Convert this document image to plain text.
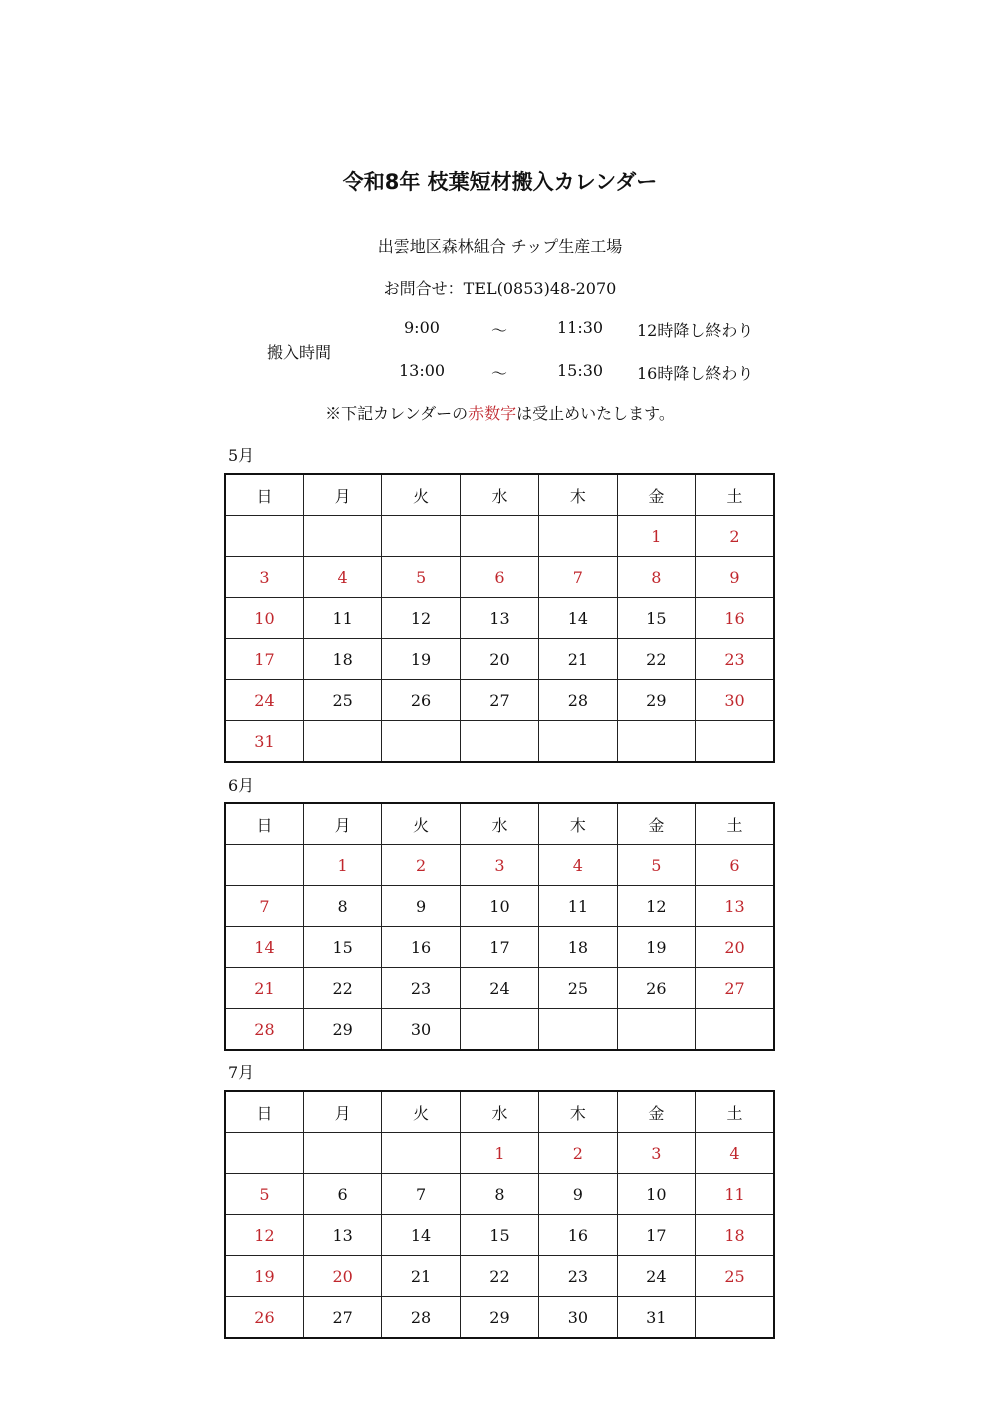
令和8年 枝葉短材搬入カレンダー
出雲地区森林組合 チップ生産工場
お問合せ：TEL(0853)48-2070
搬入時間
9:00	～	11:30 12時降し終わり
13:00	～	15:30 16時降し終わり
※下記カレンダーの赤数字は受止めいたします。
5月
日	月	火	水	木	金	土
					1	2
3	4	5	6	7	8	9
10	11	12	13	14	15	16
17	18	19	20	21	22	23
24	25	26	27	28	29	30
31						
6月
日	月	火	水	木	金	土
	1	2	3	4	5	6
7	8	9	10	11	12	13
14	15	16	17	18	19	20
21	22	23	24	25	26	27
28	29	30				
7月
日	月	火	水	木	金	土
			1	2	3	4
5	6	7	8	9	10	11
12	13	14	15	16	17	18
19	20	21	22	23	24	25
26	27	28	29	30	31	
